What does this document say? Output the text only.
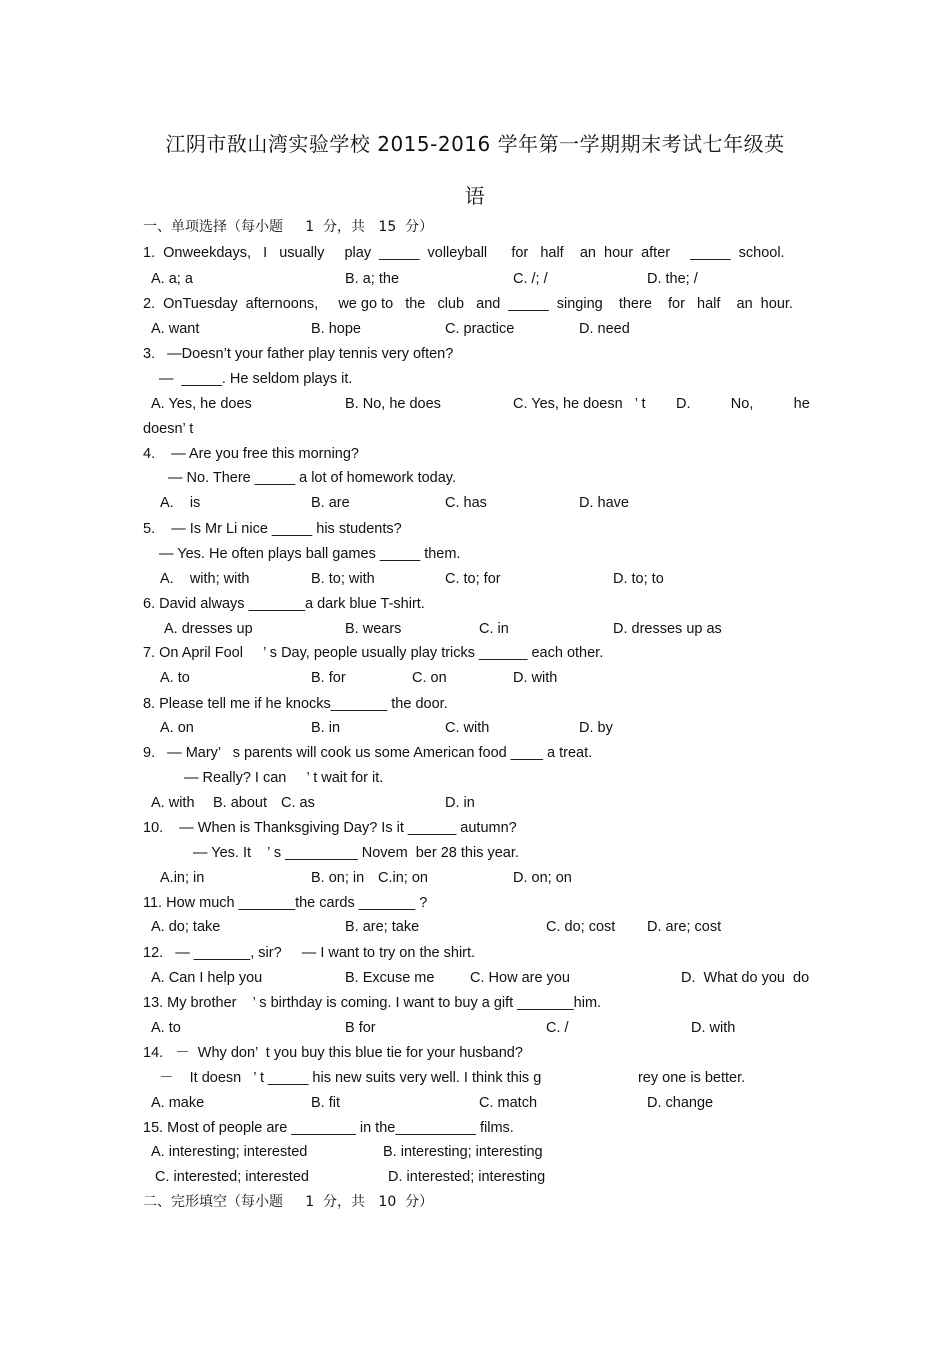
江阴市敔山湾实验学校 2015-2016 学年第一学期期末考试七年级英
语
一、单项选择（每小题     1  分，共   15  分）
1.  Onweekdays,   I   usually     play  _____  volleyball      for   half    an  hour  after     _____  school.
A. a; a	B. a; the	C. /; /	D. the; /
2.  OnTuesday  afternoons,     we go to   the   club   and  _____  singing    there    for   half    an  hour.
A. want	B. hope	C. practice	D. need
3.   —Doesn’t your father play tennis very often?
—  _____. He seldom plays it.
A. Yes, he does	B. No, he does	C. Yes, he doesn   ’ t D.          No,          he
doesn’ t
4.    — Are you free this morning?
— No. There _____ a lot of homework today.
A.    is	B. are	C. has	D. have
5.    — Is Mr Li nice _____ his students?
— Yes. He often plays ball games _____ them.
A.    with; with	B. to; with	C. to; for	D. to; to
6. David always _______a dark blue T-shirt.
A. dresses up	B. wears	C. in	D. dresses up as
7. On April Fool     ’ s Day, people usually play tricks ______ each other.
A. to	B. for	C. on	D. with
8. Please tell me if he knocks_______ the door.
A. on	B. in	C. with	D. by
9.   — Mary’   s parents will cook us some American food ____ a treat.
— Really? I can     ’ t wait for it.
A. with B. about C. as	D. in
10.    — When is Thanksgiving Day? Is it ______ autumn?
— Yes. It    ’ s _________ Novem  ber 28 this year.
A.in; in	B. on; in C.in; on	D. on; on
11. How much _______the cards _______ ?
A. do; take	B. are; take	C. do; cost D. are; cost
12.   — _______, sir?     — I want to try on the shirt.
A. Can I help you	B. Excuse me C. How are you	D.  What do you  do
13. My brother    ’ s birthday is coming. I want to buy a gift _______him.
A. to	B for	C. /	D. with
14.   －  Why don’  t you buy this blue tie for your husband?
－    It doesn   ’ t _____ his new suits very well. I think this g                        rey one is better.
A. make	B. fit	C. match	D. change
15. Most of people are ________ in the__________ films.
A. interesting; interested	B. interesting; interesting
C. interested; interested	D. interested; interesting
二、完形填空（每小题     1  分，共   10  分）
